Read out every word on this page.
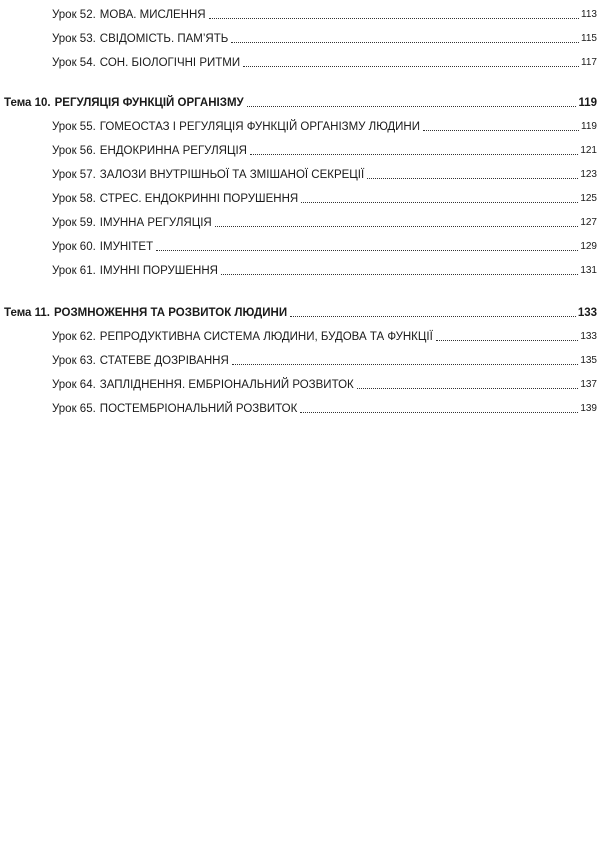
Урок 52. МОВА. МИСЛЕННЯ	113
Урок 53. СВІДОМІСТЬ. ПАМ’ЯТЬ	115
Урок 54. СОН. БІОЛОГІЧНІ РИТМИ	117
Тема 10. РЕГУЛЯЦІЯ ФУНКЦІЙ ОРГАНІЗМУ	119
Урок 55. ГОМЕОСТАЗ І РЕГУЛЯЦІЯ ФУНКЦІЙ ОРГАНІЗМУ ЛЮДИНИ	119
Урок 56. ЕНДОКРИННА РЕГУЛЯЦІЯ	121
Урок 57. ЗАЛОЗИ ВНУТРІШНЬОЇ ТА ЗМІШАНОЇ СЕКРЕЦІЇ	123
Урок 58. СТРЕС. ЕНДОКРИННІ ПОРУШЕННЯ	125
Урок 59. ІМУННА РЕГУЛЯЦІЯ	127
Урок 60. ІМУНІТЕТ	129
Урок 61. ІМУННІ ПОРУШЕННЯ	131
Тема 11. РОЗМНОЖЕННЯ ТА РОЗВИТОК ЛЮДИНИ	133
Урок 62. РЕПРОДУКТИВНА СИСТЕМА ЛЮДИНИ, БУДОВА ТА ФУНКЦІЇ	133
Урок 63. СТАТЕВЕ ДОЗРІВАННЯ	135
Урок 64. ЗАПЛІДНЕННЯ. ЕМБРІОНАЛЬНИЙ РОЗВИТОК	137
Урок 65. ПОСТЕМБРІОНАЛЬНИЙ РОЗВИТОК	139
